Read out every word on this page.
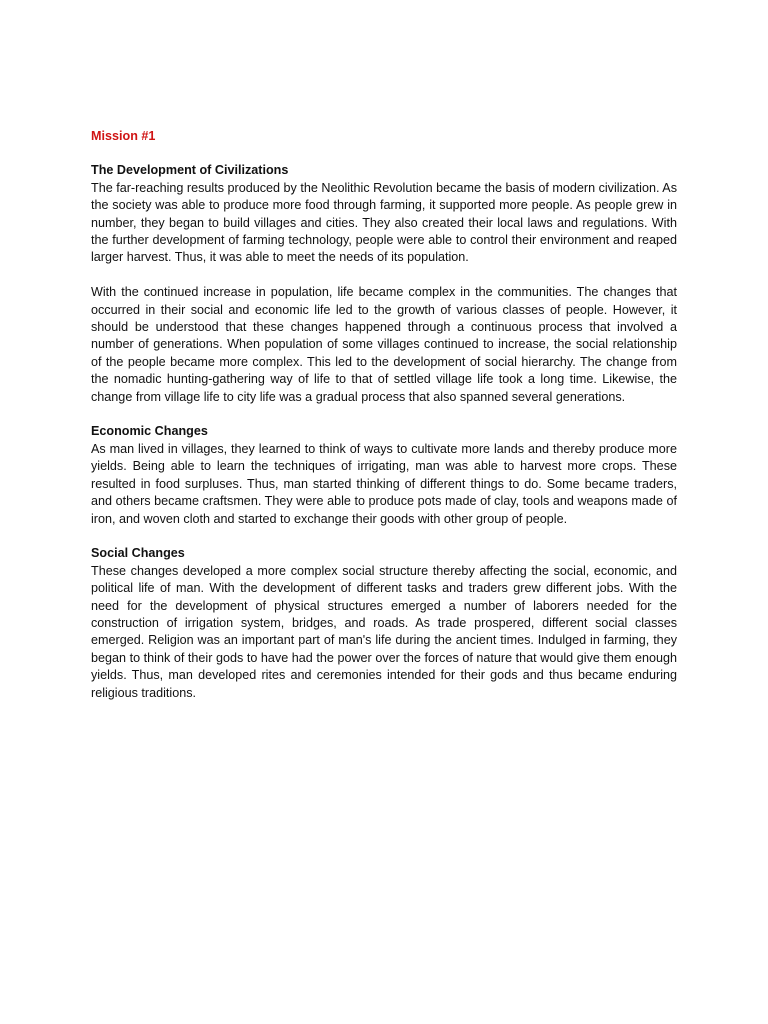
Mission #1

The Development of Civilizations

The far-reaching results produced by the Neolithic Revolution became the basis of modern civilization. As the society was able to produce more food through farming, it supported more people. As people grew in number, they began to build villages and cities. They also created their local laws and regulations. With the further development of farming technology, people were able to control their environment and reaped larger harvest. Thus, it was able to meet the needs of its population.

With the continued increase in population, life became complex in the communities. The changes that occurred in their social and economic life led to the growth of various classes of people. However, it should be understood that these changes happened through a continuous process that involved a number of generations. When population of some villages continued to increase, the social relationship of the people became more complex. This led to the development of social hierarchy. The change from the nomadic hunting-gathering way of life to that of settled village life took a long time. Likewise, the change from village life to city life was a gradual process that also spanned several generations.

Economic Changes

As man lived in villages, they learned to think of ways to cultivate more lands and thereby produce more yields. Being able to learn the techniques of irrigating, man was able to harvest more crops. These resulted in food surpluses. Thus, man started thinking of different things to do. Some became traders, and others became craftsmen. They were able to produce pots made of clay, tools and weapons made of iron, and woven cloth and started to exchange their goods with other group of people.

Social Changes

These changes developed a more complex social structure thereby affecting the social, economic, and political life of man. With the development of different tasks and traders grew different jobs. With the need for the development of physical structures emerged a number of laborers needed for the construction of irrigation system, bridges, and roads. As trade prospered, different social classes emerged. Religion was an important part of man's life during the ancient times. Indulged in farming, they began to think of their gods to have had the power over the forces of nature that would give them enough yields. Thus, man developed rites and ceremonies intended for their gods and thus became enduring religious traditions.
